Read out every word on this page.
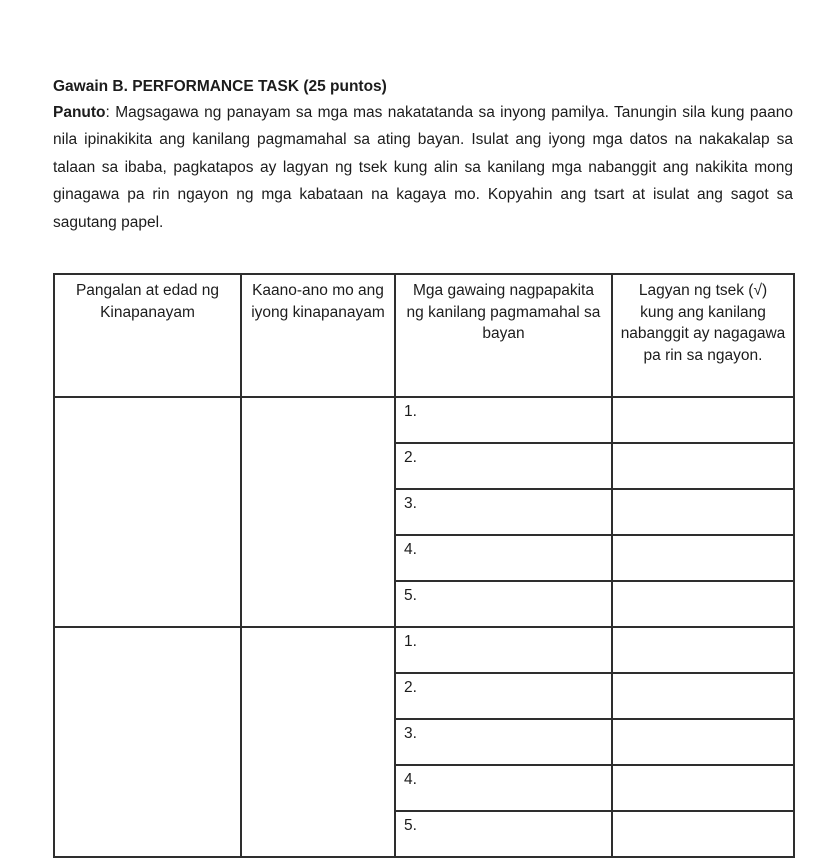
Gawain B. PERFORMANCE TASK (25 puntos)
Panuto: Magsagawa ng panayam sa mga mas nakatatanda sa inyong pamilya. Tanungin sila kung paano nila ipinakikita ang kanilang pagmamahal sa ating bayan. Isulat ang iyong mga datos na nakakalap sa talaan sa ibaba, pagkatapos ay lagyan ng tsek kung alin sa kanilang mga nabanggit ang nakikita mong ginagawa pa rin ngayon ng mga kabataan na kagaya mo. Kopyahin ang tsart at isulat ang sagot sa sagutang papel.
Pangalan at edad ng Kinapanayam	Kaano-ano mo ang iyong kinapanayam	Mga gawaing nagpapakita ng kanilang pagmamahal sa bayan	Lagyan ng tsek (√) kung ang kanilang nabanggit ay nagagawa pa rin sa ngayon.
		1.	
		2.	
		3.	
		4.	
		5.	
		1.	
		2.	
		3.	
		4.	
		5.	
